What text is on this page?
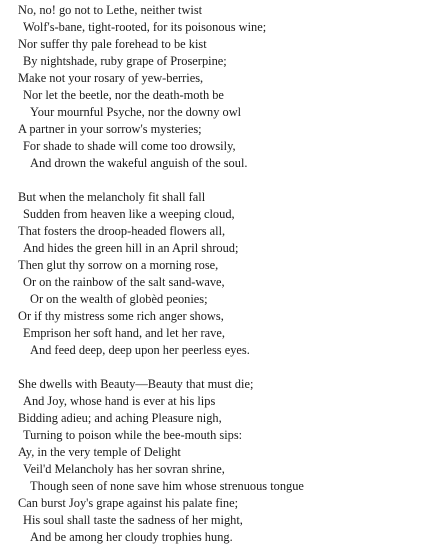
No, no! go not to Lethe, neither twist
Wolf's-bane, tight-rooted, for its poisonous wine;
Nor suffer thy pale forehead to be kist
By nightshade, ruby grape of Proserpine;
Make not your rosary of yew-berries,
Nor let the beetle, nor the death-moth be
Your mournful Psyche, nor the downy owl
A partner in your sorrow's mysteries;
For shade to shade will come too drowsily,
And drown the wakeful anguish of the soul.
But when the melancholy fit shall fall
Sudden from heaven like a weeping cloud,
That fosters the droop-headed flowers all,
And hides the green hill in an April shroud;
Then glut thy sorrow on a morning rose,
Or on the rainbow of the salt sand-wave,
Or on the wealth of globèd peonies;
Or if thy mistress some rich anger shows,
Emprison her soft hand, and let her rave,
And feed deep, deep upon her peerless eyes.
She dwells with Beauty—Beauty that must die;
And Joy, whose hand is ever at his lips
Bidding adieu; and aching Pleasure nigh,
Turning to poison while the bee-mouth sips:
Ay, in the very temple of Delight
Veil'd Melancholy has her sovran shrine,
Though seen of none save him whose strenuous tongue
Can burst Joy's grape against his palate fine;
His soul shall taste the sadness of her might,
And be among her cloudy trophies hung.
